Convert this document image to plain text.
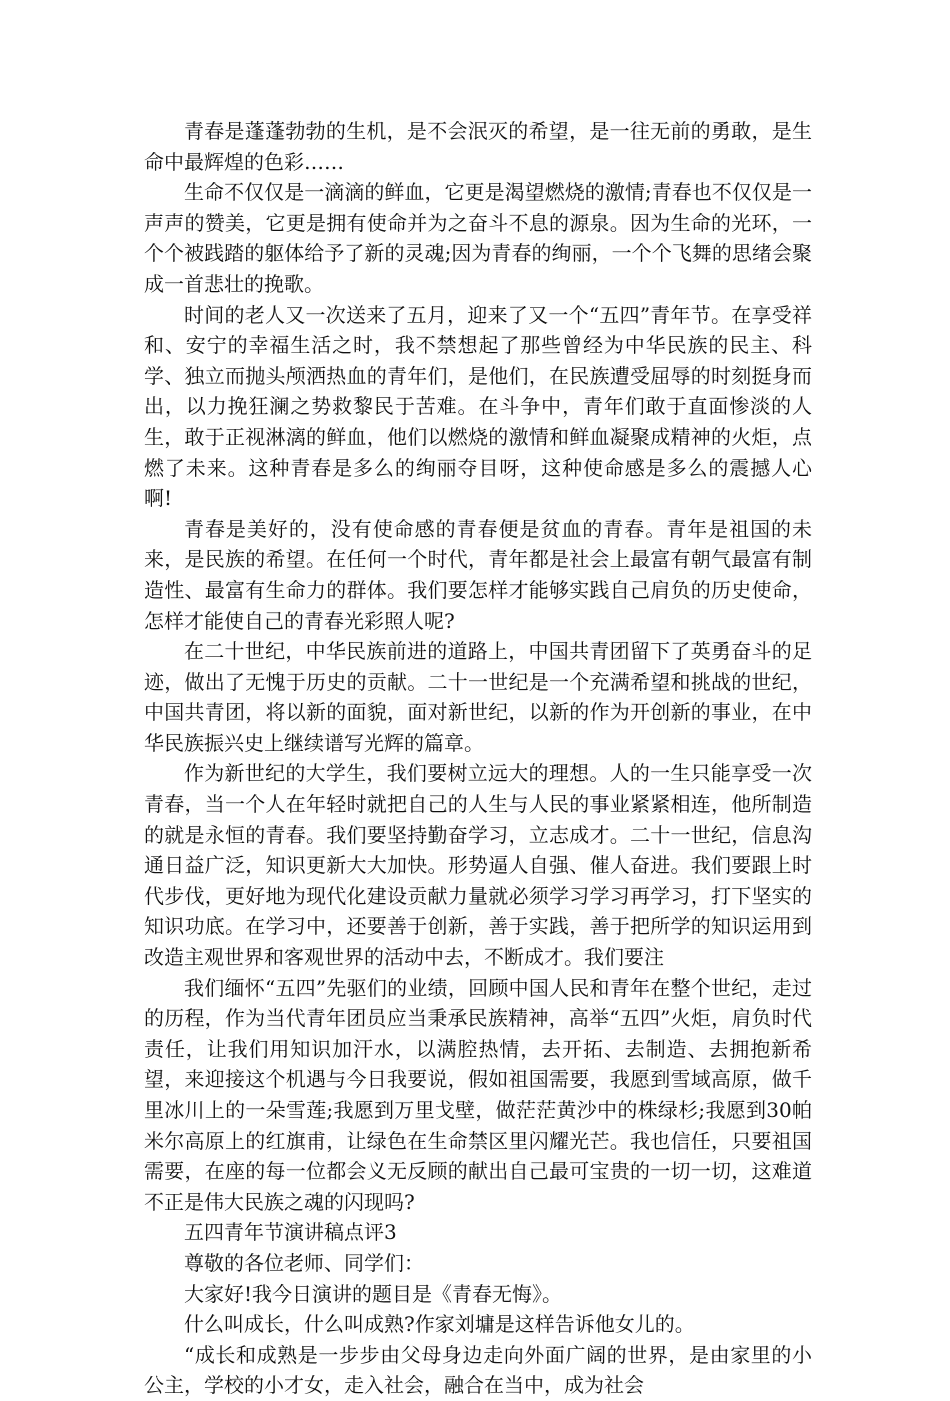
青春是蓬蓬勃勃的生机，是不会泯灭的希望，是一往无前的勇敢，是生命中最辉煌的色彩……

生命不仅仅是一滴滴的鲜血，它更是渴望燃烧的激情;青春也不仅仅是一声声的赞美，它更是拥有使命并为之奋斗不息的源泉。因为生命的光环，一个个被践踏的躯体给予了新的灵魂;因为青春的绚丽，一个个飞舞的思绪会聚成一首悲壮的挽歌。

时间的老人又一次送来了五月，迎来了又一个“五四”青年节。在享受祥和、安宁的幸福生活之时，我不禁想起了那些曾经为中华民族的民主、科学、独立而抛头颅洒热血的青年们，是他们，在民族遭受屈辱的时刻挺身而出，以力挽狂澜之势救黎民于苦难。在斗争中，青年们敢于直面惨淡的人生，敢于正视淋漓的鲜血，他们以燃烧的激情和鲜血凝聚成精神的火炬，点燃了未来。这种青春是多么的绚丽夺目呀，这种使命感是多么的震撼人心啊!

青春是美好的，没有使命感的青春便是贫血的青春。青年是祖国的未来，是民族的希望。在任何一个时代，青年都是社会上最富有朝气最富有制造性、最富有生命力的群体。我们要怎样才能够实践自己肩负的历史使命，怎样才能使自己的青春光彩照人呢?

在二十世纪，中华民族前进的道路上，中国共青团留下了英勇奋斗的足迹，做出了无愧于历史的贡献。二十一世纪是一个充满希望和挑战的世纪，中国共青团，将以新的面貌，面对新世纪，以新的作为开创新的事业，在中华民族振兴史上继续谱写光辉的篇章。

作为新世纪的大学生，我们要树立远大的理想。人的一生只能享受一次青春，当一个人在年轻时就把自己的人生与人民的事业紧紧相连，他所制造的就是永恒的青春。我们要坚持勤奋学习，立志成才。二十一世纪，信息沟通日益广泛，知识更新大大加快。形势逼人自强、催人奋进。我们要跟上时代步伐，更好地为现代化建设贡献力量就必须学习学习再学习，打下坚实的知识功底。在学习中，还要善于创新，善于实践，善于把所学的知识运用到改造主观世界和客观世界的活动中去，不断成才。我们要注

我们缅怀“五四”先驱们的业绩，回顾中国人民和青年在整个世纪，走过的历程，作为当代青年团员应当秉承民族精神，高举“五四”火炬，肩负时代责任，让我们用知识加汗水，以满腔热情，去开拓、去制造、去拥抱新希望，来迎接这个机遇与今日我要说，假如祖国需要，我愿到雪域高原，做千里冰川上的一朵雪莲;我愿到万里戈壁，做茫茫黄沙中的株绿杉;我愿到30帕米尔高原上的红旗甫，让绿色在生命禁区里闪耀光芒。我也信任，只要祖国需要，在座的每一位都会义无反顾的献出自己最可宝贵的一切一切，这难道不正是伟大民族之魂的闪现吗?

五四青年节演讲稿点评3

尊敬的各位老师、同学们：

大家好!我今日演讲的题目是《青春无悔》。

什么叫成长，什么叫成熟?作家刘墉是这样告诉他女儿的。

“成长和成熟是一步步由父母身边走向外面广阔的世界，是由家里的小公主，学校的小才女，走入社会，融合在当中，成为社会
